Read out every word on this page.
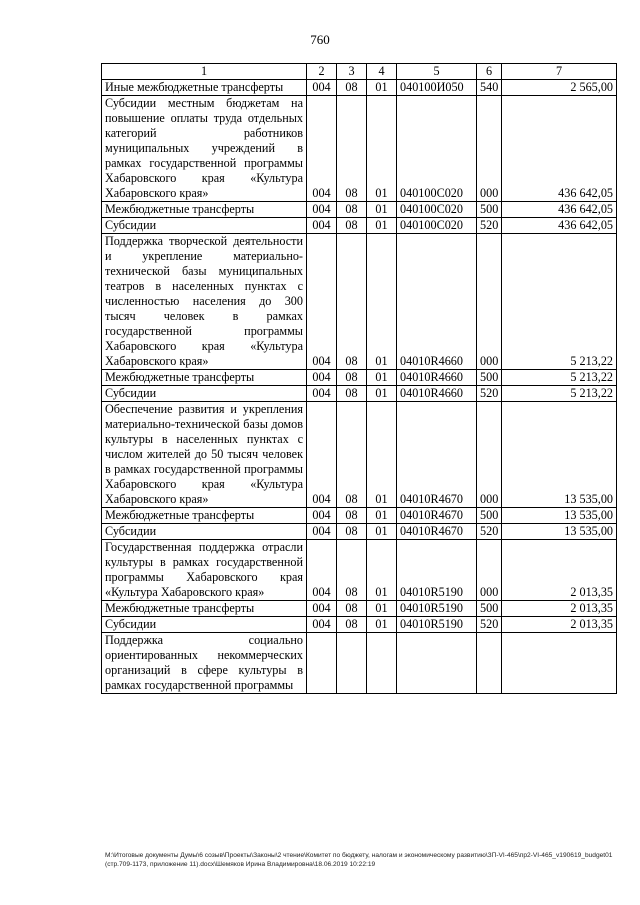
760
1	2	3	4	5	6	7
Иные межбюджетные трансферты	004	08	01	040100И050	540	2 565,00
Субсидии местным бюджетам на повышение оплаты труда отдельных категорий работников муниципальных учреждений в рамках государственной программы Хабаровского края «Культура Хабаровского края»	004	08	01	040100С020	000	436 642,05
Межбюджетные трансферты	004	08	01	040100С020	500	436 642,05
Субсидии	004	08	01	040100С020	520	436 642,05
Поддержка творческой деятельности и укрепление материально-технической базы муниципальных театров в населенных пунктах с численностью населения до 300 тысяч человек в рамках государственной программы Хабаровского края «Культура Хабаровского края»	004	08	01	04010R4660	000	5 213,22
Межбюджетные трансферты	004	08	01	04010R4660	500	5 213,22
Субсидии	004	08	01	04010R4660	520	5 213,22
Обеспечение развития и укрепления материально-технической базы домов культуры в населенных пунктах с числом жителей до 50 тысяч человек в рамках государственной программы Хабаровского края «Культура Хабаровского края»	004	08	01	04010R4670	000	13 535,00
Межбюджетные трансферты	004	08	01	04010R4670	500	13 535,00
Субсидии	004	08	01	04010R4670	520	13 535,00
Государственная поддержка отрасли культуры в рамках государственной программы Хабаровского края «Культура Хабаровского края»	004	08	01	04010R5190	000	2 013,35
Межбюджетные трансферты	004	08	01	04010R5190	500	2 013,35
Субсидии	004	08	01	04010R5190	520	2 013,35
Поддержка социально ориентированных некоммерческих организаций в сфере культуры в рамках государственной программы						
M:\Итоговые документы Думы\6 созыв\Проекты\Законы\2 чтение\Комитет по бюджету, налогам и экономическому развитию\ЗП-VI-465\пр2-VI-465_v190619_budget01 (стр.709-1173, приложение 11).docx\Шемяков Ирина Владимировна\18.06.2019 10:22:19
